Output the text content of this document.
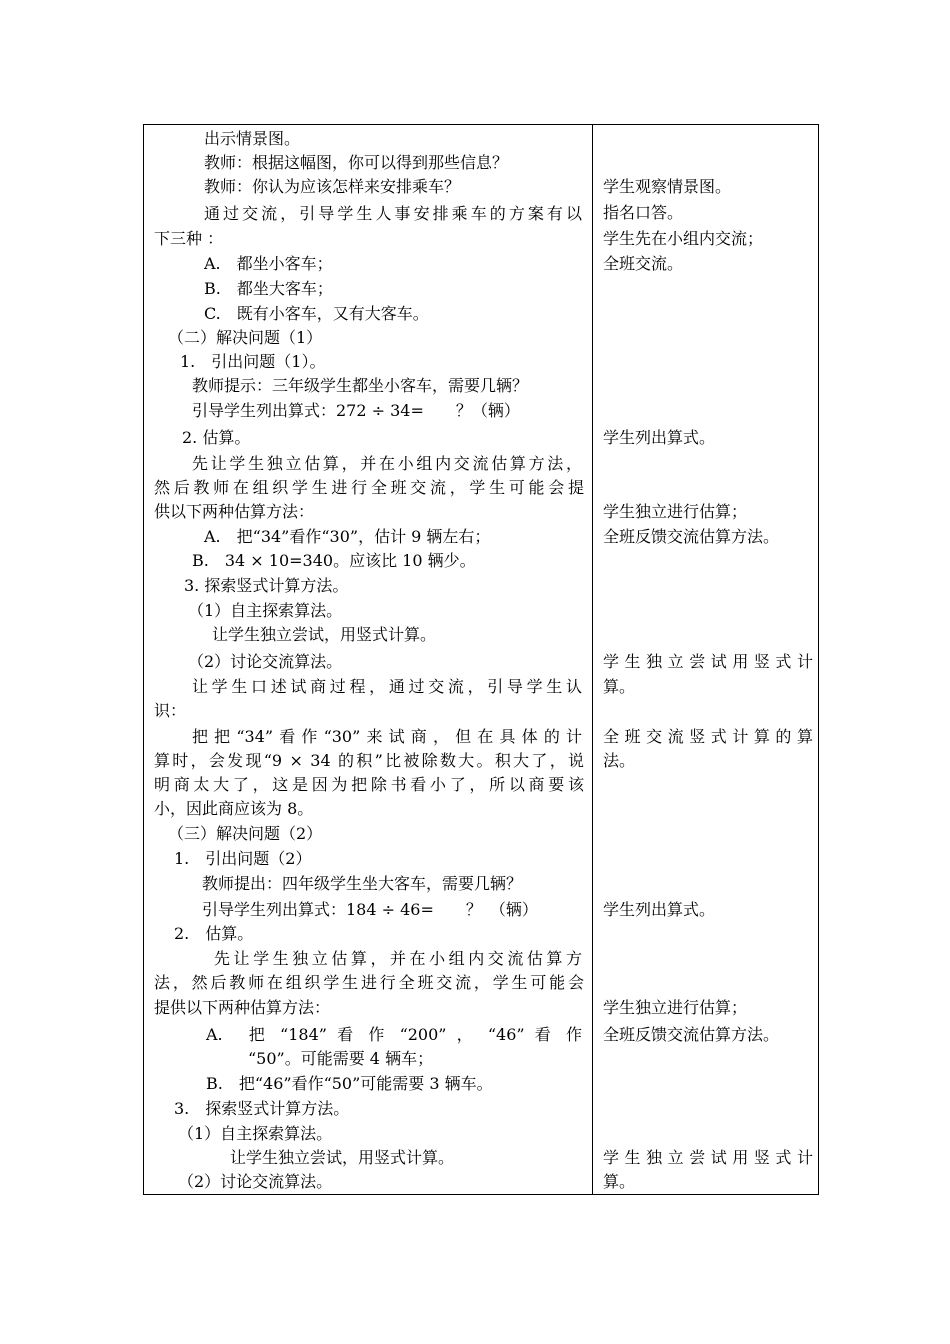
出示情景图。
教师：根据这幅图，你可以得到那些信息？
教师：你认为应该怎样来安排乘车？
通过交流，引导学生人事安排乘车的方案有以
下三种 ：
A.　都坐小客车；
B.　都坐大客车；
C.　既有小客车，又有大客车。
（二）解决问题（1）
1.　引出问题（1）。
教师提示：三年级学生都坐小客车，需要几辆？
引导学生列出算式：272 ÷ 34=　　？（辆）
2. 估算。
先让学生独立估算，并在小组内交流估算方法，
然后教师在组织学生进行全班交流，学生可能会提
供以下两种估算方法：
A.　把“34”看作“30”，估计 9 辆左右；
B.　34 × 10=340。应该比 10 辆少。
3. 探索竖式计算方法。
（1）自主探索算法。
让学生独立尝试，用竖式计算。
（2）讨论交流算法。
让学生口述试商过程，通过交流，引导学生认
识：
把把“34”看作“30”来试商，但在具体的计
算时，会发现“9 × 34 的积”比被除数大。积大了，说
明商太大了，这是因为把除书看小了，所以商要该
小，因此商应该为 8。
（三）解决问题（2）
1.　引出问题（2）
教师提出：四年级学生坐大客车，需要几辆？
引导学生列出算式：184 ÷ 46=　　？　（辆）
2.　估算。
先让学生独立估算，并在小组内交流估算方
法，然后教师在组织学生进行全班交流，学生可能会
提供以下两种估算方法：
A.　把 “184” 看 作 “200” ， “46” 看 作
“50”。可能需要 4 辆车；
B.　把“46”看作“50”可能需要 3 辆车。
3.　探索竖式计算方法。
（1）自主探索算法。
让学生独立尝试，用竖式计算。
（2）讨论交流算法。
学生观察情景图。
指名口答。
学生先在小组内交流；
全班交流。
学生列出算式。
学生独立进行估算；
全班反馈交流估算方法。
学生独立尝试用竖式计
算。
全班交流竖式计算的算
法。
学生列出算式。
学生独立进行估算；
全班反馈交流估算方法。
学生独立尝试用竖式计
算。
